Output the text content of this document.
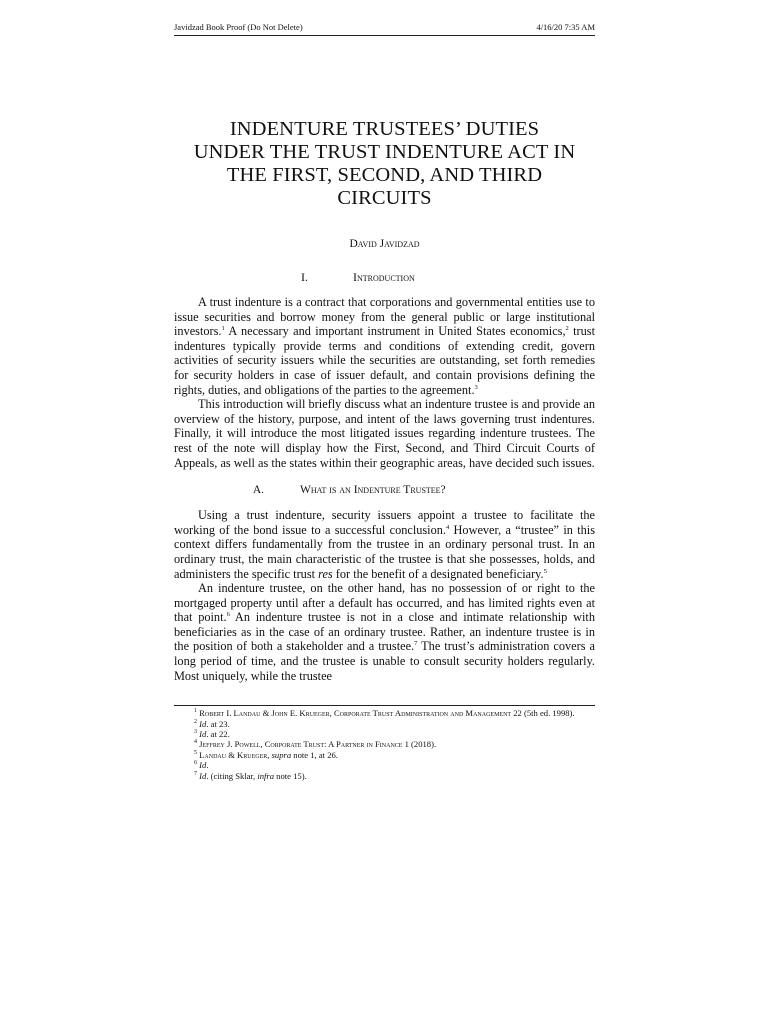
Javidzad Book Proof (Do Not Delete)	4/16/20 7:35 AM
INDENTURE TRUSTEES’ DUTIES
UNDER THE TRUST INDENTURE ACT IN
THE FIRST, SECOND, AND THIRD
CIRCUITS
David Javidzad
I.	Introduction

A trust indenture is a contract that corporations and governmental entities use to issue securities and borrow money from the general public or large institutional investors.$^1$ A necessary and important instrument in United States economics,$^2$ trust indentures typically provide terms and conditions of extending credit, govern activities of security issuers while the securities are outstanding, set forth remedies for security holders in case of issuer default, and contain provisions defining the rights, duties, and obligations of the parties to the agreement.$^3$

This introduction will briefly discuss what an indenture trustee is and provide an overview of the history, purpose, and intent of the laws governing trust indentures. Finally, it will introduce the most litigated issues regarding indenture trustees. The rest of the note will display how the First, Second, and Third Circuit Courts of Appeals, as well as the states within their geographic areas, have decided such issues.

A.	What is an Indenture Trustee?

Using a trust indenture, security issuers appoint a trustee to facilitate the working of the bond issue to a successful conclusion.$^4$ However, a “trustee” in this context differs fundamentally from the trustee in an ordinary personal trust. In an ordinary trust, the main characteristic of the trustee is that she possesses, holds, and administers the specific trust res for the benefit of a designated beneficiary.$^5$

An indenture trustee, on the other hand, has no possession of or right to the mortgaged property until after a default has occurred, and has limited rights even at that point.$^6$ An indenture trustee is not in a close and intimate relationship with beneficiaries as in the case of an ordinary trustee. Rather, an indenture trustee is in the position of both a stakeholder and a trustee.$^7$ The trust’s administration covers a long period of time, and the trustee is unable to consult security holders regularly. Most uniquely, while the trustee

$^1$ Robert I. Landau & John E. Krueger, Corporate Trust Administration and Management 22 (5th ed. 1998).
$^2$ Id. at 23.
$^3$ Id. at 22.
$^4$ Jeffrey J. Powell, Corporate Trust: A Partner in Finance 1 (2018).
$^5$ Landau & Krueger, supra note 1, at 26.
$^6$ Id.
$^7$ Id. (citing Sklar, infra note 15).
